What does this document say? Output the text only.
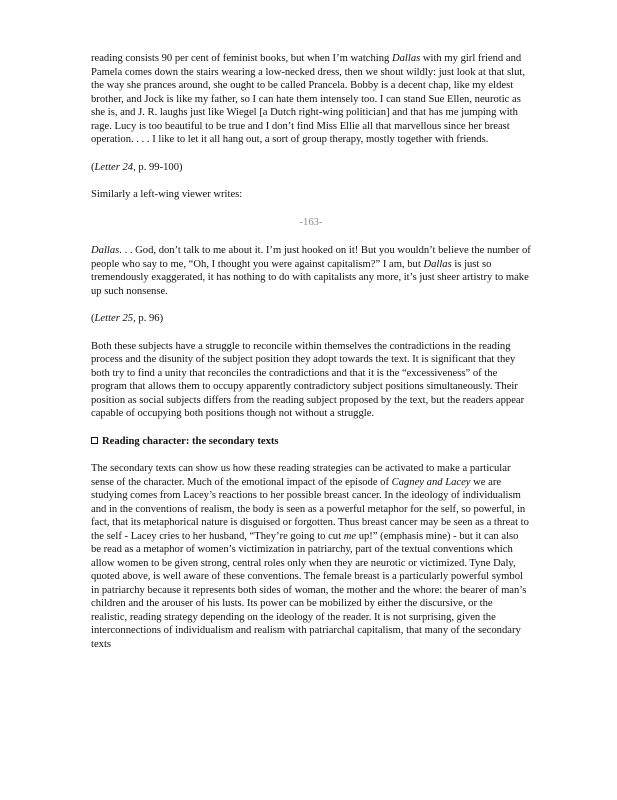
reading consists 90 per cent of feminist books, but when I’m watching Dallas with my girl friend and Pamela comes down the stairs wearing a low-necked dress, then we shout wildly: just look at that slut, the way she prances around, she ought to be called Prancela. Bobby is a decent chap, like my eldest brother, and Jock is like my father, so I can hate them intensely too. I can stand Sue Ellen, neurotic as she is, and J. R. laughs just like Wiegel [a Dutch right-wing politician] and that has me jumping with rage. Lucy is too beautiful to be true and I don’t find Miss Ellie all that marvellous since her breast operation. . . . I like to let it all hang out, a sort of group therapy, mostly together with friends.

(Letter 24, p. 99-100)

Similarly a left-wing viewer writes:

-163-

Dallas. . . God, don’t talk to me about it. I’m just hooked on it! But you wouldn’t believe the number of people who say to me, “Oh, I thought you were against capitalism?” I am, but Dallas is just so tremendously exaggerated, it has nothing to do with capitalists any more, it’s just sheer artistry to make up such nonsense.

(Letter 25, p. 96)

Both these subjects have a struggle to reconcile within themselves the contradictions in the reading process and the disunity of the subject position they adopt towards the text. It is significant that they both try to find a unity that reconciles the contradictions and that it is the “excessiveness” of the program that allows them to occupy apparently contradictory subject positions simultaneously. Their position as social subjects differs from the reading subject proposed by the text, but the readers appear capable of occupying both positions though not without a struggle.

Reading character: the secondary texts

The secondary texts can show us how these reading strategies can be activated to make a particular sense of the character. Much of the emotional impact of the episode of Cagney and Lacey we are studying comes from Lacey’s reactions to her possible breast cancer. In the ideology of individualism and in the conventions of realism, the body is seen as a powerful metaphor for the self, so powerful, in fact, that its metaphorical nature is disguised or forgotten. Thus breast cancer may be seen as a threat to the self - Lacey cries to her husband, “They’re going to cut me up!” (emphasis mine) - but it can also be read as a metaphor of women’s victimization in patriarchy, part of the textual conventions which allow women to be given strong, central roles only when they are neurotic or victimized. Tyne Daly, quoted above, is well aware of these conventions. The female breast is a particularly powerful symbol in patriarchy because it represents both sides of woman, the mother and the whore: the bearer of man’s children and the arouser of his lusts. Its power can be mobilized by either the discursive, or the realistic, reading strategy depending on the ideology of the reader. It is not surprising, given the interconnections of individualism and realism with patriarchal capitalism, that many of the secondary texts
